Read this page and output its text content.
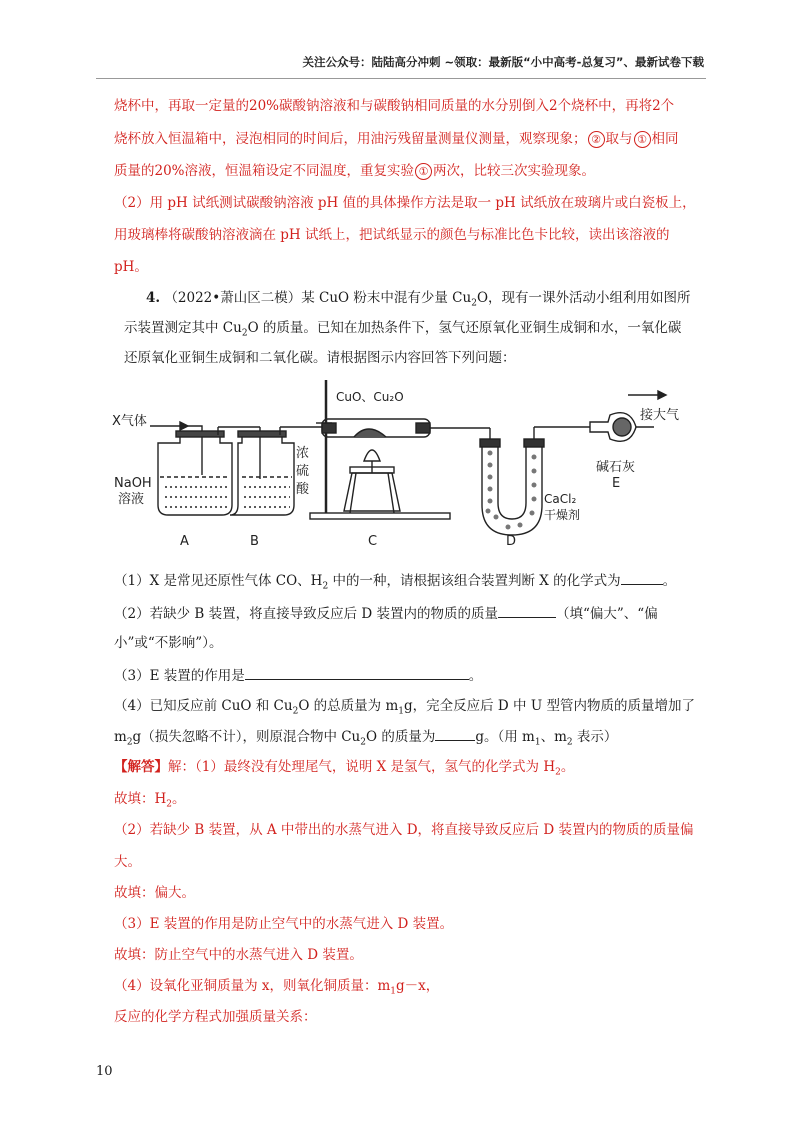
关注公众号：陆陆高分冲刺 ~领取：最新版“小中高考-总复习”、最新试卷下载
烧杯中，再取一定量的20%碳酸钠溶液和与碳酸钠相同质量的水分别倒入2个烧杯中，再将2个
烧杯放入恒温箱中，浸泡相同的时间后，用油污残留量测量仪测量，观察现象； ② 取与 ① 相同
质量的20%溶液，恒温箱设定不同温度，重复实验 ① 两次，比较三次实验现象。
（2）用 pH 试纸测试碳酸钠溶液 pH 值的具体操作方法是取一 pH 试纸放在玻璃片或白瓷板上，
用玻璃棒将碳酸钠溶液滴在 pH 试纸上，把试纸显示的颜色与标准比色卡比较，读出该溶液的
pH。
4. （2022•萧山区二模）某 CuO 粉末中混有少量 $Cu_2O$，现有一课外活动小组利用如图所
示装置测定其中 $Cu_2O$ 的质量。已知在加热条件下，氢气还原氧化亚铜生成铜和水，一氧化碳
还原氧化亚铜生成铜和二氧化碳。请根据图示内容回答下列问题：
X气体
CuO、Cu₂O
NaOH
溶液
浓
硫
酸
CaCl₂
干燥剂
碱石灰
接大气
A	B	C	D
E
（1）X 是常见还原性气体 CO、$H_2$ 中的一种，请根据该组合装置判断 X 的化学式为	。
（2）若缺少 B 装置，将直接导致反应后 D 装置内的物质的质量	（填“偏大”、“偏
小”或“不影响”）。
（3）E 装置的作用是	。
（4）已知反应前 CuO 和 $Cu_2O$ 的总质量为 $m_1g$，完全反应后 D 中 U 型管内物质的质量增加了
$m_2g$（损失忽略不计），则原混合物中 $Cu_2O$ 的质量为	g。（用 $m_1$、$m_2$ 表示）
【解答】解：（1）最终没有处理尾气，说明 X 是氢气，氢气的化学式为 $H_2$。
故填：$H_2$。
（2）若缺少 B 装置，从 A 中带出的水蒸气进入 D，将直接导致反应后 D 装置内的物质的质量偏
大。
故填：偏大。
（3）E 装置的作用是防止空气中的水蒸气进入 D 装置。
故填：防止空气中的水蒸气进入 D 装置。
（4）设氧化亚铜质量为 x，则氧化铜质量：$m_1g-x$，
反应的化学方程式加强质量关系：
10
